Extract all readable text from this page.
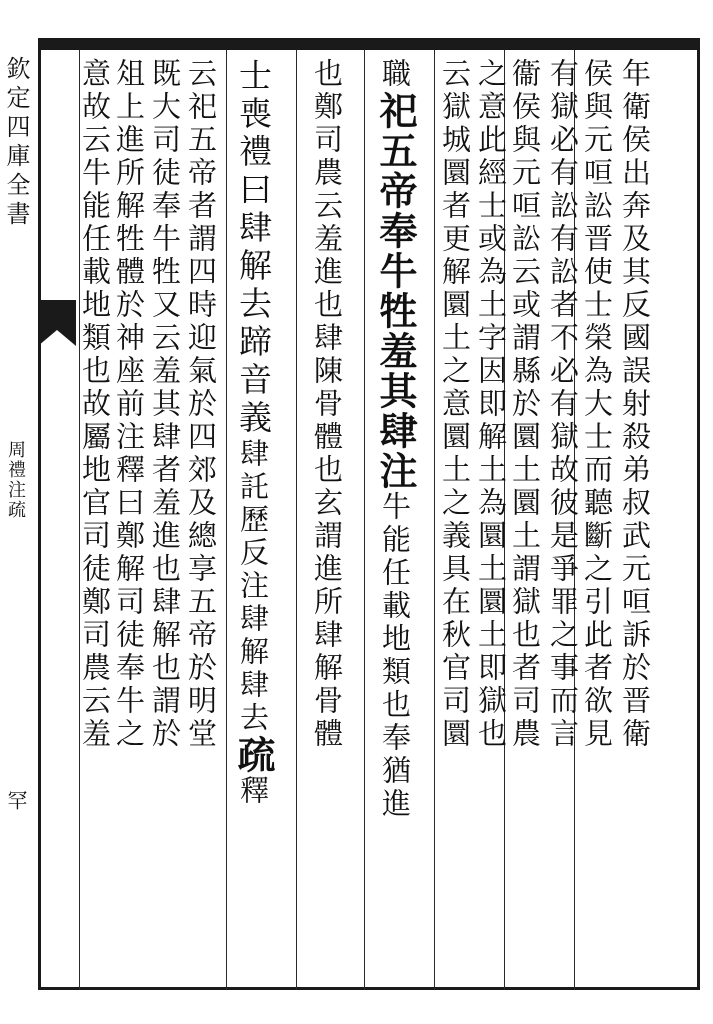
欽定四庫全書
周禮注疏
罕
年衛侯出奔及其反國誤射殺弟叔武元咺訴於晋衛
侯與元咺訟晋使士榮為大士而聽斷之引此者欲見
有獄必有訟有訟者不必有獄故彼是爭罪之事而言
衞侯與元咺訟云或謂縣於圜土圜土謂獄也者司農
之意此經士或為土字因即解土為圜土圜土即獄也
云獄城圜者更解圜土之意圜土之義具在秋官司圜
職祀五帝奉牛牲羞其肆注牛能任載地類也奉猶進
也鄭司農云羞進也肆陳骨體也玄謂進所肆解骨體
士喪禮曰肆解去蹄音義肆託歷反注肆解肆去疏釋
云祀五帝者謂四時迎氣於四郊及總享五帝於明堂
既大司徒奉牛牲又云羞其肆者羞進也肆解也謂於
俎上進所解牲體於神座前注釋曰鄭解司徒奉牛之
意故云牛能任載地類也故屬地官司徒鄭司農云羞
